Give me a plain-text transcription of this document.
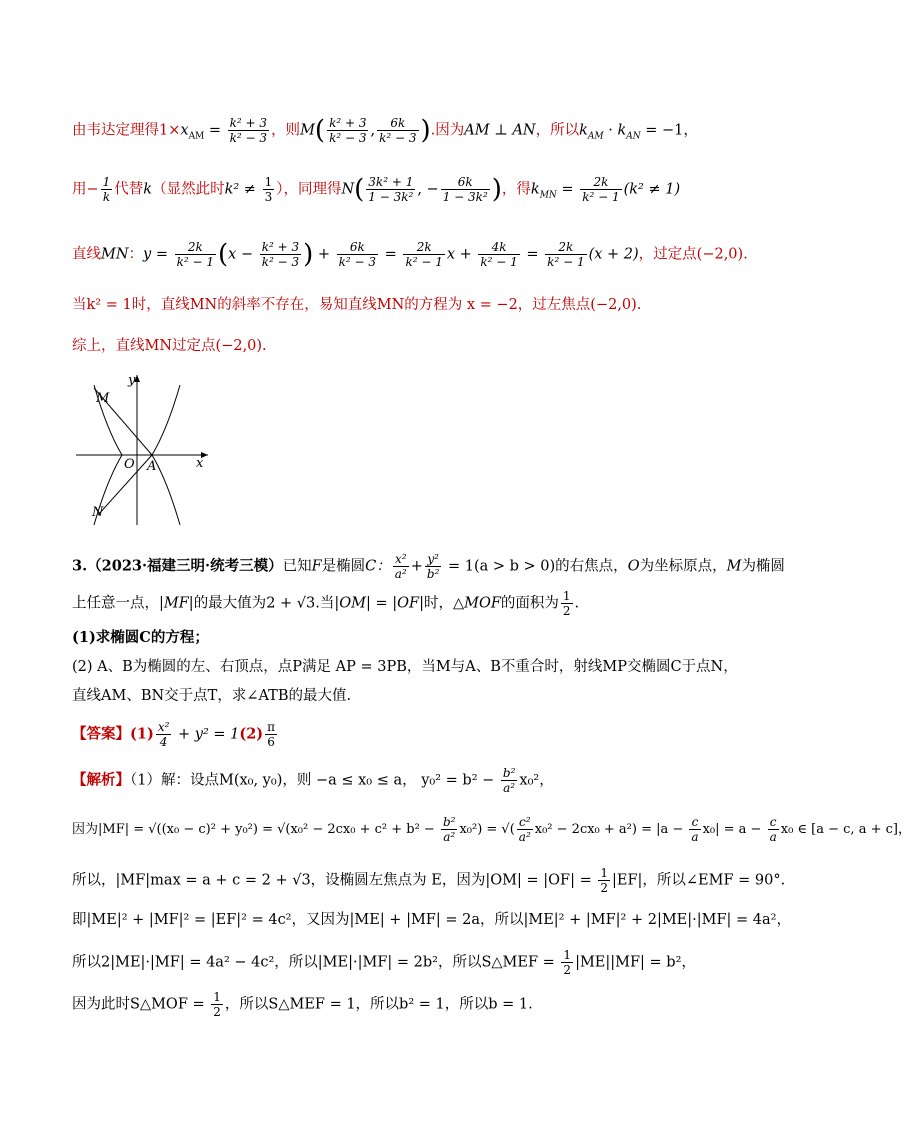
由韦达定理得$1\times x_{AM} = \frac{\text{k² + 3}}{\text{k² − 3}}$ ，则$M( \frac{\text{k² + 3}}{\text{k² − 3}}$ , $\frac{6k}{\text{k² − 3}}$ ).因为AM ⊥ AN，所以$k_{AM} \cdot k_{AN} = -1$，
用− $\frac{1}{k}$ 代替k（显然此时$k^2 \ne \frac{1}{3}$ ），同理得$N( \frac{\text{3k² + 1}}{\text{1 − 3k²}}$ , − $\frac{6k}{\text{1 − 3k²}}$ )，得$k_{MN} = \frac{2k}{\text{k² − 1}} (k^2 \ne 1)$
直线MN：$y = \frac{2k}{\text{k² − 1}} (x - \frac{\text{k² + 3}}{\text{k² − 3}}$ ) + $\frac{6k}{\text{k² − 3}} = \frac{2k}{\text{k² − 1}}$ $x + \frac{4k}{\text{k² − 1}} = \frac{2k}{\text{k² − 1}} (x + 2)$，过定点(−2,0).
当k² = 1时，直线MN的斜率不存在，易知直线MN的方程为 x = −2，过左焦点(−2,0).
综上，直线MN过定点(−2,0).
M
N
O A	x
y
3.（2023·福建三明·统考三模）已知F是椭圆C： $\frac{\text{x²}}{\text{a²}} + \frac{\text{y²}}{\text{b²}} = 1(a > b > 0)$的右焦点，O为坐标原点，M为椭圆
上任意一点，|MF|的最大值为2 + √3.当|OM| = |OF|时，△MOF的面积为 $\frac{1}{2}$ .
(1)求椭圆C的方程；
(2) A、B为椭圆的左、右顶点，点P满足 AP = 3PB，当M与A、B不重合时，射线MP交椭圆C于点N，
直线AM、BN交于点T，求∠ATB的最大值.
【答案】$(1) \frac{\text{x²}}{4} + y^2 = 1(2) \frac{\pi}{6}$
【解析】（1）解：设点M(x₀, y₀)，则 −a ≤ x₀ ≤ a， $y_0^2 = b^2 - \frac{\text{b²}}{\text{a²}} x_0^2$，
因为$|MF| = √((x_0 - c)^2 + y_0^2) = √(x_0^2 - 2cx_0 + c^2 + b^2 - \frac{\text{b²}}{\text{a²}} x_0^2)$ = √( $\frac{\text{c²}}{\text{a²}} x_0^2 - 2cx_0 + a^2) = |a - \frac{c}{a} x_0| = a - \frac{c}{a} x_0$ ∈ [a − c, a + c]，
所以，|MF|max = a + c = 2 + √3，设椭圆左焦点为 E，因为$|OM| = |OF| = \frac{1}{2} |EF|$，所以∠EMF = 90°.
即|ME|² + |MF|² = |EF|² = 4c²，又因为|ME| + |MF| = 2a，所以|ME|² + |MF|² + 2|ME|·|MF| = 4a²，
所以2|ME|·|MF| = 4a² − 4c²，所以|ME|·|MF| = 2b²，所以S△MEF = $\frac{1}{2} |ME||MF| = b^2$，
因为此时S△MOF = $\frac{1}{2}$ ，所以S△MEF = 1，所以b² = 1，所以b = 1.
